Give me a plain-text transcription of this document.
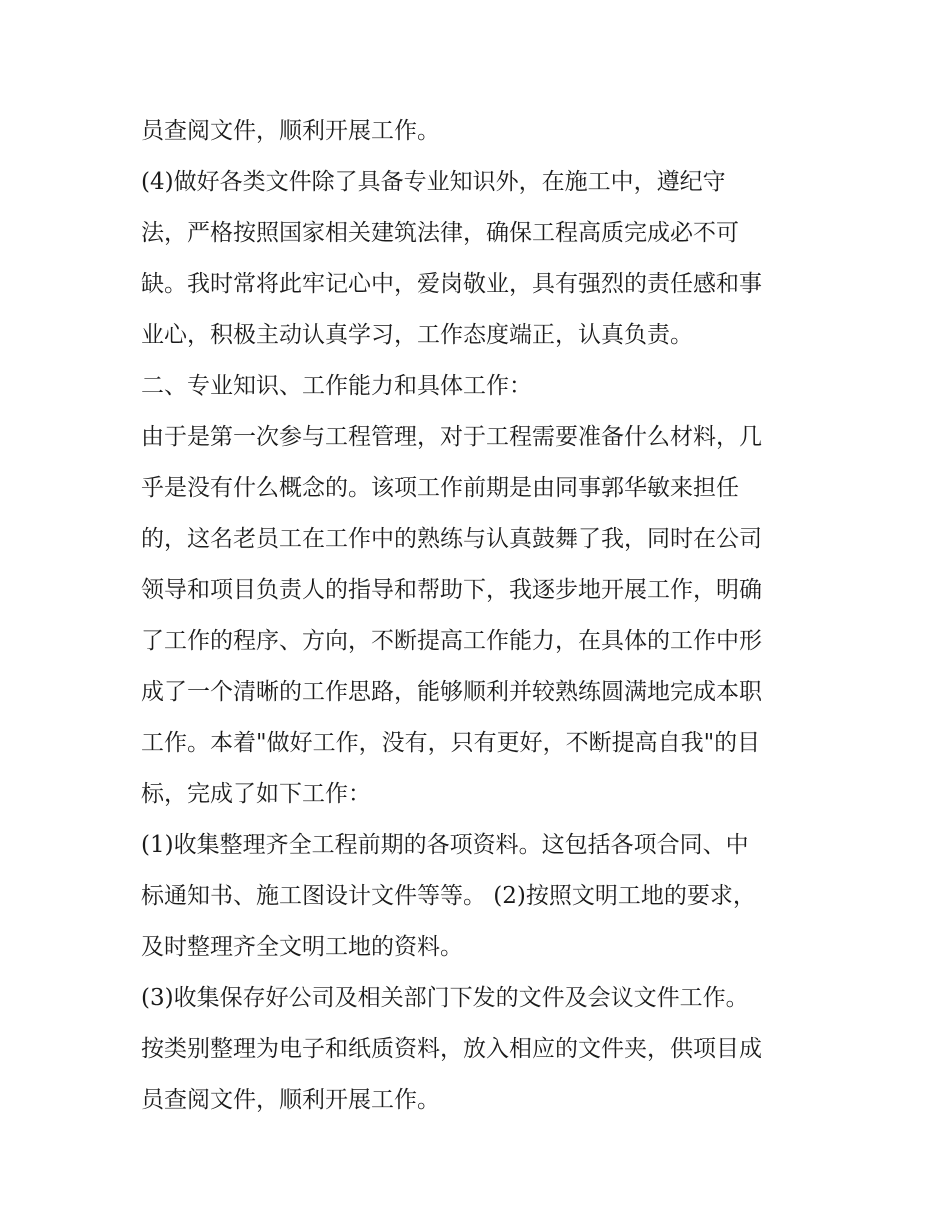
员查阅文件，顺利开展工作。
(4)做好各类文件除了具备专业知识外，在施工中，遵纪守
法，严格按照国家相关建筑法律，确保工程高质完成必不可
缺。我时常将此牢记心中，爱岗敬业，具有强烈的责任感和事
业心，积极主动认真学习，工作态度端正，认真负责。
二、专业知识、工作能力和具体工作：
由于是第一次参与工程管理，对于工程需要准备什么材料，几
乎是没有什么概念的。该项工作前期是由同事郭华敏来担任
的，这名老员工在工作中的熟练与认真鼓舞了我，同时在公司
领导和项目负责人的指导和帮助下，我逐步地开展工作，明确
了工作的程序、方向，不断提高工作能力，在具体的工作中形
成了一个清晰的工作思路，能够顺利并较熟练圆满地完成本职
工作。本着"做好工作，没有，只有更好，不断提高自我"的目
标，完成了如下工作：
(1)收集整理齐全工程前期的各项资料。这包括各项合同、中
标通知书、施工图设计文件等等。 (2)按照文明工地的要求，
及时整理齐全文明工地的资料。
(3)收集保存好公司及相关部门下发的文件及会议文件工作。
按类别整理为电子和纸质资料，放入相应的文件夹，供项目成
员查阅文件，顺利开展工作。
